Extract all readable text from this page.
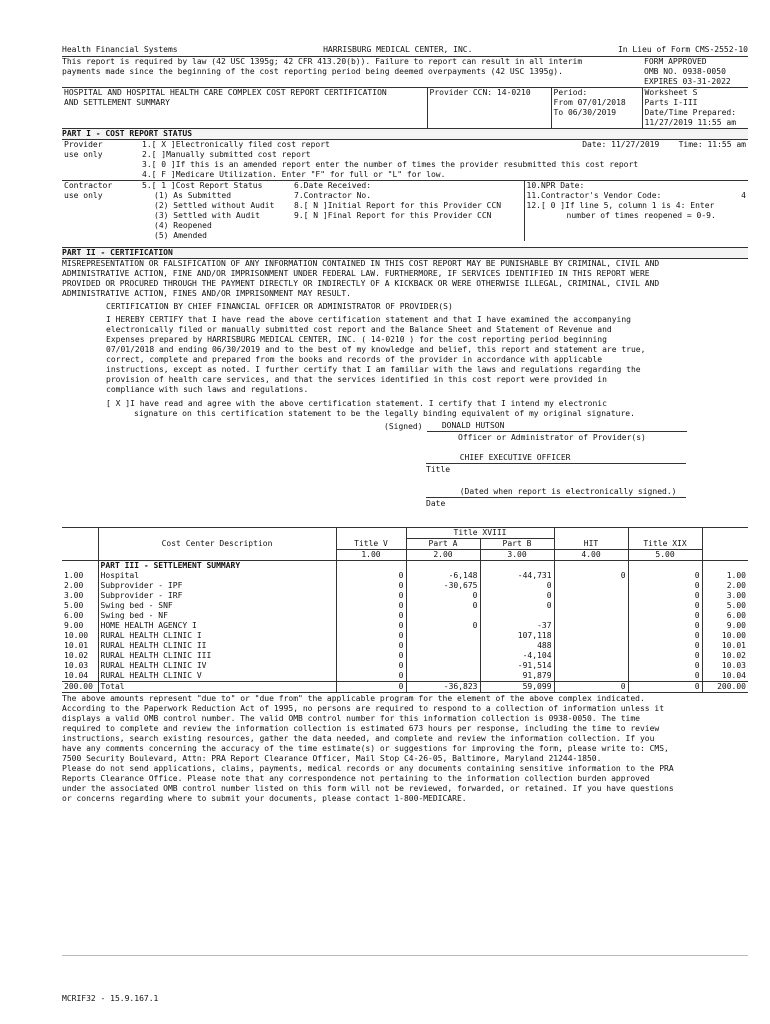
Health Financial Systems	HARRISBURG MEDICAL CENTER, INC.	In Lieu of Form CMS-2552-10
This report is required by law (42 USC 1395g; 42 CFR 413.20(b)). Failure to report can result in all interim
payments made since the beginning of the cost reporting period being deemed overpayments (42 USC 1395g).

FORM APPROVED
OMB NO. 0938-0050
EXPIRES 03-31-2022
HOSPITAL AND HOSPITAL HEALTH CARE COMPLEX COST REPORT CERTIFICATION
AND SETTLEMENT SUMMARY

Provider CCN: 14-0210	Period:
From 07/01/2018
To 06/30/2019

Worksheet S
Parts I-III
Date/Time Prepared:
11/27/2019 11:55 am
PART I - COST REPORT STATUS
Provider
use only

1.[ X ]Electronically filed cost report	Date: 11/27/2019 Time: 11:55 am
2.[ ]Manually submitted cost report
3.[ 0 ]If this is an amended report enter the number of times the provider resubmitted this cost report
4.[ F ]Medicare Utilization. Enter "F" for full or "L" for low.
Contractor
use only

5.[ 1 ]Cost Report Status
(1) As Submitted
(2) Settled without Audit
(3) Settled with Audit
(4) Reopened
(5) Amended

6.Date Received:
7.Contractor No.
8.[ N ]Initial Report for this Provider CCN
9.[ N ]Final Report for this Provider CCN

10.NPR Date:
11.Contractor's Vendor Code:	4
12.[ 0 ]If line 5, column 1 is 4: Enter
number of times reopened = 0-9.
PART II - CERTIFICATION
MISREPRESENTATION OR FALSIFICATION OF ANY INFORMATION CONTAINED IN THIS COST REPORT MAY BE PUNISHABLE BY CRIMINAL, CIVIL AND
ADMINISTRATIVE ACTION, FINE AND/OR IMPRISONMENT UNDER FEDERAL LAW. FURTHERMORE, IF SERVICES IDENTIFIED IN THIS REPORT WERE
PROVIDED OR PROCURED THROUGH THE PAYMENT DIRECTLY OR INDIRECTLY OF A KICKBACK OR WERE OTHERWISE ILLEGAL, CRIMINAL, CIVIL AND
ADMINISTRATIVE ACTION, FINES AND/OR IMPRISONMENT MAY RESULT.
CERTIFICATION BY CHIEF FINANCIAL OFFICER OR ADMINISTRATOR OF PROVIDER(S)
I HEREBY CERTIFY that I have read the above certification statement and that I have examined the accompanying
electronically filed or manually submitted cost report and the Balance Sheet and Statement of Revenue and
Expenses prepared by HARRISBURG MEDICAL CENTER, INC. ( 14-0210 ) for the cost reporting period beginning
07/01/2018 and ending 06/30/2019 and to the best of my knowledge and belief, this report and statement are true,
correct, complete and prepared from the books and records of the provider in accordance with applicable
instructions, except as noted. I further certify that I am familiar with the laws and regulations regarding the
provision of health care services, and that the services identified in this cost report were provided in
compliance with such laws and regulations.
[ X ]I have read and agree with the above certification statement. I certify that I intend my electronic
signature on this certification statement to be the legally binding equivalent of my original signature.
(Signed) DONALD HUTSON
Officer or Administrator of Provider(s)
CHIEF EXECUTIVE OFFICER
Title
(Dated when report is electronically signed.)
Date
			Title XVIII				
	Cost Center Description	Title V	Part A	Part B	HIT	Title XIX	
		1.00	2.00	3.00	4.00	5.00	
	PART III - SETTLEMENT SUMMARY						
1.00	Hospital	0	-6,148	-44,731	0	0	1.00
2.00	Subprovider - IPF	0	-30,675	0		0	2.00
3.00	Subprovider - IRF	0	0	0		0	3.00
5.00	Swing bed - SNF	0	0	0		0	5.00
6.00	Swing bed - NF	0				0	6.00
9.00	HOME HEALTH AGENCY I	0	0	-37		0	9.00
10.00	RURAL HEALTH CLINIC I	0		107,118		0	10.00
10.01	RURAL HEALTH CLINIC II	0		488		0	10.01
10.02	RURAL HEALTH CLINIC III	0		-4,104		0	10.02
10.03	RURAL HEALTH CLINIC IV	0		-91,514		0	10.03
10.04	RURAL HEALTH CLINIC V	0		91,879		0	10.04
200.00	Total	0	-36,823	59,099	0	0	200.00
The above amounts represent "due to" or "due from" the applicable program for the element of the above complex indicated.
According to the Paperwork Reduction Act of 1995, no persons are required to respond to a collection of information unless it
displays a valid OMB control number. The valid OMB control number for this information collection is 0938-0050. The time
required to complete and review the information collection is estimated 673 hours per response, including the time to review
instructions, search existing resources, gather the data needed, and complete and review the information collection. If you
have any comments concerning the accuracy of the time estimate(s) or suggestions for improving the form, please write to: CMS,
7500 Security Boulevard, Attn: PRA Report Clearance Officer, Mail Stop C4-26-05, Baltimore, Maryland 21244-1850.
Please do not send applications, claims, payments, medical records or any documents containing sensitive information to the PRA
Reports Clearance Office. Please note that any correspondence not pertaining to the information collection burden approved
under the associated OMB control number listed on this form will not be reviewed, forwarded, or retained. If you have questions
or concerns regarding where to submit your documents, please contact 1-800-MEDICARE.
MCRIF32 - 15.9.167.1
